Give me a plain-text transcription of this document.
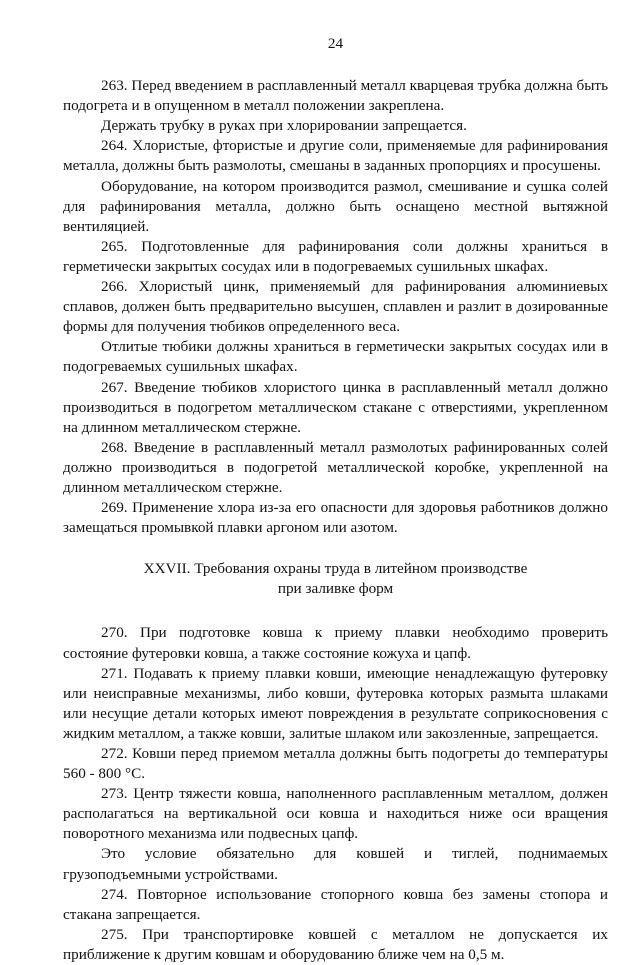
24

263. Перед введением в расплавленный металл кварцевая трубка должна быть подогрета и в опущенном в металл положении закреплена.

Держать трубку в руках при хлорировании запрещается.

264. Хлористые, фтористые и другие соли, применяемые для рафинирования металла, должны быть размолоты, смешаны в заданных пропорциях и просушены.

Оборудование, на котором производится размол, смешивание и сушка солей для рафинирования металла, должно быть оснащено местной вытяжной вентиляцией.

265. Подготовленные для рафинирования соли должны храниться в герметически закрытых сосудах или в подогреваемых сушильных шкафах.

266. Хлористый цинк, применяемый для рафинирования алюминиевых сплавов, должен быть предварительно высушен, сплавлен и разлит в дозированные формы для получения тюбиков определенного веса.

Отлитые тюбики должны храниться в герметически закрытых сосудах или в подогреваемых сушильных шкафах.

267. Введение тюбиков хлористого цинка в расплавленный металл должно производиться в подогретом металлическом стакане с отверстиями, укрепленном на длинном металлическом стержне.

268. Введение в расплавленный металл размолотых рафинированных солей должно производиться в подогретой металлической коробке, укрепленной на длинном металлическом стержне.

269. Применение хлора из-за его опасности для здоровья работников должно замещаться промывкой плавки аргоном или азотом.

XXVII. Требования охраны труда в литейном производстве
при заливке форм

270. При подготовке ковша к приему плавки необходимо проверить состояние футеровки ковша, а также состояние кожуха и цапф.

271. Подавать к приему плавки ковши, имеющие ненадлежащую футеровку или неисправные механизмы, либо ковши, футеровка которых размыта шлаками или несущие детали которых имеют повреждения в результате соприкосновения с жидким металлом, а также ковши, залитые шлаком или закозленные, запрещается.

272. Ковши перед приемом металла должны быть подогреты до температуры 560 - 800 °С.

273. Центр тяжести ковша, наполненного расплавленным металлом, должен располагаться на вертикальной оси ковша и находиться ниже оси вращения поворотного механизма или подвесных цапф.

Это условие обязательно для ковшей и тиглей, поднимаемых грузоподъемными устройствами.

274. Повторное использование стопорного ковша без замены стопора и стакана запрещается.

275. При транспортировке ковшей с металлом не допускается их приближение к другим ковшам и оборудованию ближе чем на 0,5 м.
